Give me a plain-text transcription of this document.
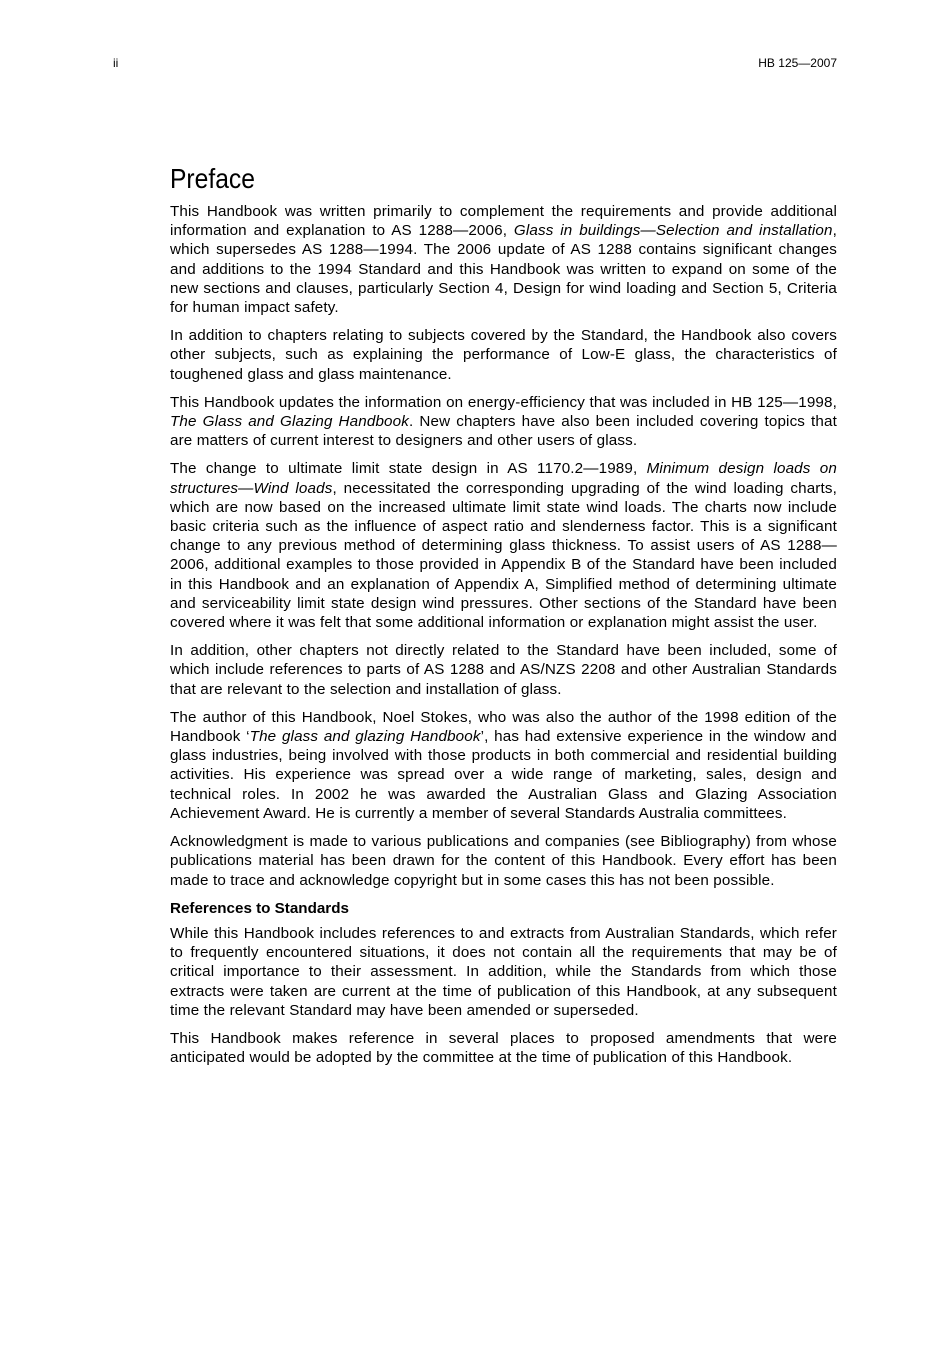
ii	HB 125—2007
Preface

This Handbook was written primarily to complement the requirements and provide additional information and explanation to AS 1288—2006, Glass in buildings—Selection and installation, which supersedes AS 1288—1994. The 2006 update of AS 1288 contains significant changes and additions to the 1994 Standard and this Handbook was written to expand on some of the new sections and clauses, particularly Section 4, Design for wind loading and Section 5, Criteria for human impact safety.

In addition to chapters relating to subjects covered by the Standard, the Handbook also covers other subjects, such as explaining the performance of Low-E glass, the characteristics of toughened glass and glass maintenance.

This Handbook updates the information on energy-efficiency that was included in HB 125—1998, The Glass and Glazing Handbook. New chapters have also been included covering topics that are matters of current interest to designers and other users of glass.

The change to ultimate limit state design in AS 1170.2—1989, Minimum design loads on structures—Wind loads, necessitated the corresponding upgrading of the wind loading charts, which are now based on the increased ultimate limit state wind loads. The charts now include basic criteria such as the influence of aspect ratio and slenderness factor. This is a significant change to any previous method of determining glass thickness. To assist users of AS 1288—2006, additional examples to those provided in Appendix B of the Standard have been included in this Handbook and an explanation of Appendix A, Simplified method of determining ultimate and serviceability limit state design wind pressures. Other sections of the Standard have been covered where it was felt that some additional information or explanation might assist the user.

In addition, other chapters not directly related to the Standard have been included, some of which include references to parts of AS 1288 and AS/NZS 2208 and other Australian Standards that are relevant to the selection and installation of glass.

The author of this Handbook, Noel Stokes, who was also the author of the 1998 edition of the Handbook ‘The glass and glazing Handbook’, has had extensive experience in the window and glass industries, being involved with those products in both commercial and residential building activities. His experience was spread over a wide range of marketing, sales, design and technical roles. In 2002 he was awarded the Australian Glass and Glazing Association Achievement Award. He is currently a member of several Standards Australia committees.

Acknowledgment is made to various publications and companies (see Bibliography) from whose publications material has been drawn for the content of this Handbook. Every effort has been made to trace and acknowledge copyright but in some cases this has not been possible.

References to Standards

While this Handbook includes references to and extracts from Australian Standards, which refer to frequently encountered situations, it does not contain all the requirements that may be of critical importance to their assessment. In addition, while the Standards from which those extracts were taken are current at the time of publication of this Handbook, at any subsequent time the relevant Standard may have been amended or superseded.

This Handbook makes reference in several places to proposed amendments that were anticipated would be adopted by the committee at the time of publication of this Handbook.
